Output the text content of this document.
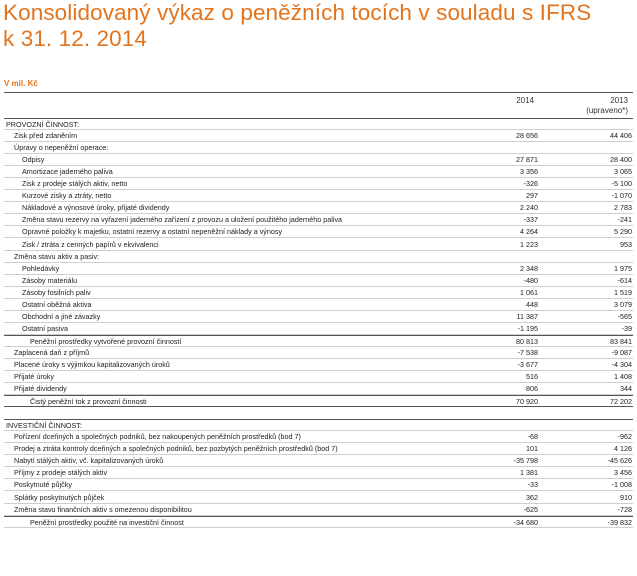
Konsolidovaný výkaz o peněžních tocích v souladu s IFRS
k 31. 12. 2014
V mil. Kč
2014	2013
(upraveno*)
PROVOZNÍ ČINNOST:
Zisk před zdaněním	28 656	44 406
Úpravy o nepeněžní operace:
Odpisy	27 871	28 400
Amortizace jaderného paliva	3 356	3 065
Zisk z prodeje stálých aktiv, netto	-326	-5 100
Kurzové zisky a ztráty, netto	297	-1 070
Nákladové a výnosové úroky, přijaté dividendy	2 240	2 783
Změna stavu rezervy na vyřazení jaderného zařízení z provozu a uložení použitého jaderného paliva	-337	-241
Opravné položky k majetku, ostatní rezervy a ostatní nepeněžní náklady a výnosy	4 264	5 290
Zisk / ztráta z cenných papírů v ekvivalenci	1 223	953
Změna stavu aktiv a pasiv:
Pohledávky	2 348	1 975
Zásoby materiálu	-480	-614
Zásoby fosilních paliv	1 061	1 519
Ostatní oběžná aktiva	448	3 079
Obchodní a jiné závazky	11 387	-565
Ostatní pasiva	-1 195	-39
Peněžní prostředky vytvořené provozní činností	80 813	83 841
Zaplacená daň z příjmů	-7 538	-9 087
Placené úroky s výjimkou kapitalizovaných úroků	-3 677	-4 304
Přijaté úroky	516	1 408
Přijaté dividendy	806	344
Čistý peněžní tok z provozní činnosti	70 920	72 202
INVESTIČNÍ ČINNOST:
Pořízení dceřiných a společných podniků, bez nakoupených peněžních prostředků (bod 7)	-68	-962
Prodej a ztráta kontroly dceřiných a společných podniků, bez pozbytých peněžních prostředků (bod 7)	101	4 126
Nabytí stálých aktiv, vč. kapitalizovaných úroků	-35 798	-45 626
Příjmy z prodeje stálých aktiv	1 381	3 456
Poskytnuté půjčky	-33	-1 008
Splátky poskytnutých půjček	362	910
Změna stavu finančních aktiv s omezenou disponibilitou	-625	-728
Peněžní prostředky použité na investiční činnost	-34 680	-39 832
